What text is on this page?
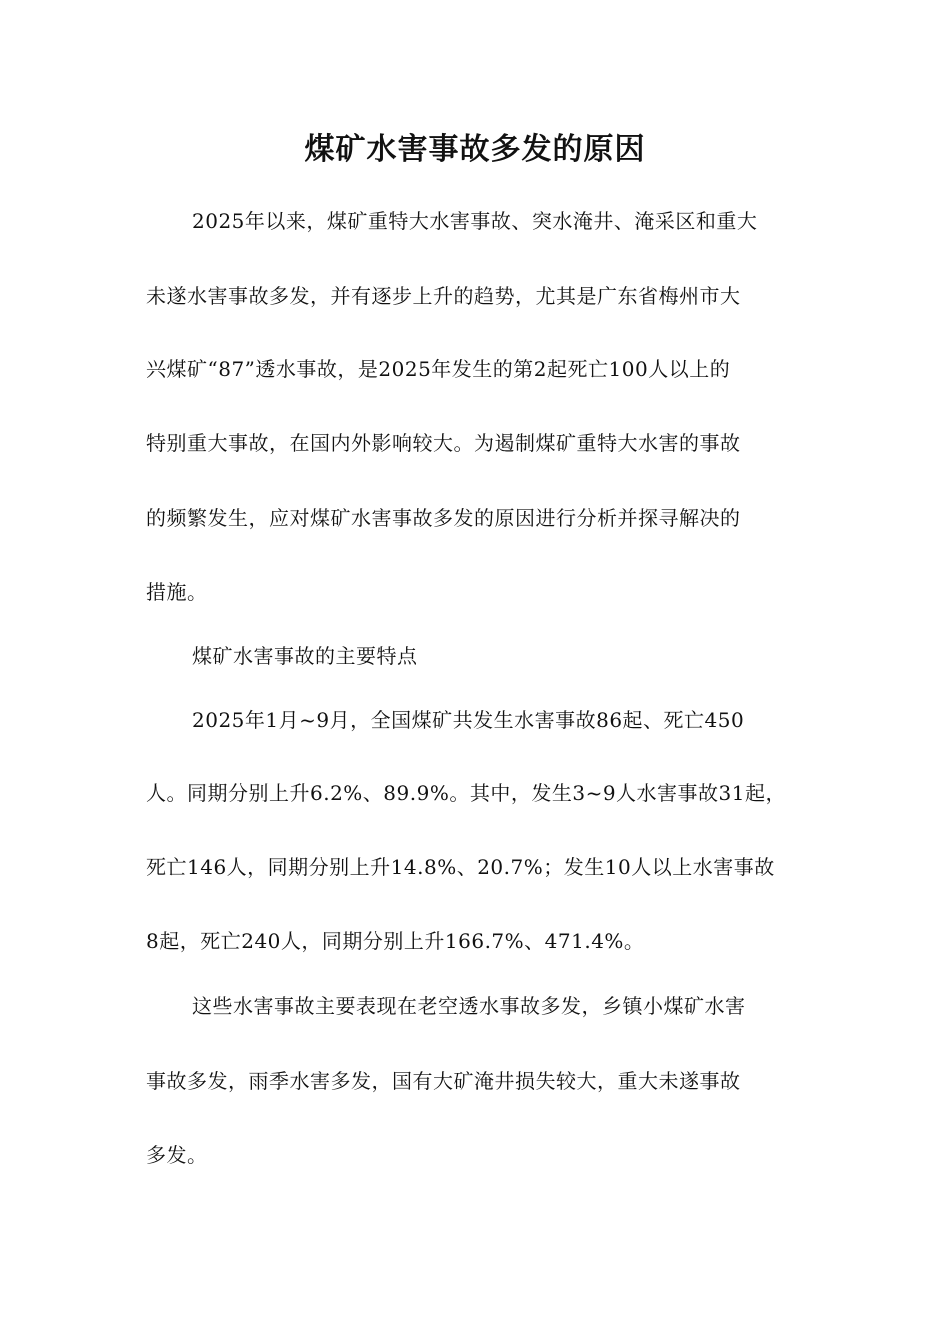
煤矿水害事故多发的原因
2025年以来，煤矿重特大水害事故、突水淹井、淹采区和重大
未遂水害事故多发，并有逐步上升的趋势，尤其是广东省梅州市大
兴煤矿“87”透水事故，是2025年发生的第2起死亡100人以上的
特别重大事故，在国内外影响较大。为遏制煤矿重特大水害的事故
的频繁发生，应对煤矿水害事故多发的原因进行分析并探寻解决的
措施。
煤矿水害事故的主要特点
2025年1月~9月，全国煤矿共发生水害事故86起、死亡450
人。同期分别上升6.2%、89.9%。其中，发生3~9人水害事故31起，
死亡146人，同期分别上升14.8%、20.7%；发生10人以上水害事故
8起，死亡240人，同期分别上升166.7%、471.4%。
这些水害事故主要表现在老空透水事故多发，乡镇小煤矿水害
事故多发，雨季水害多发，国有大矿淹井损失较大，重大未遂事故
多发。
